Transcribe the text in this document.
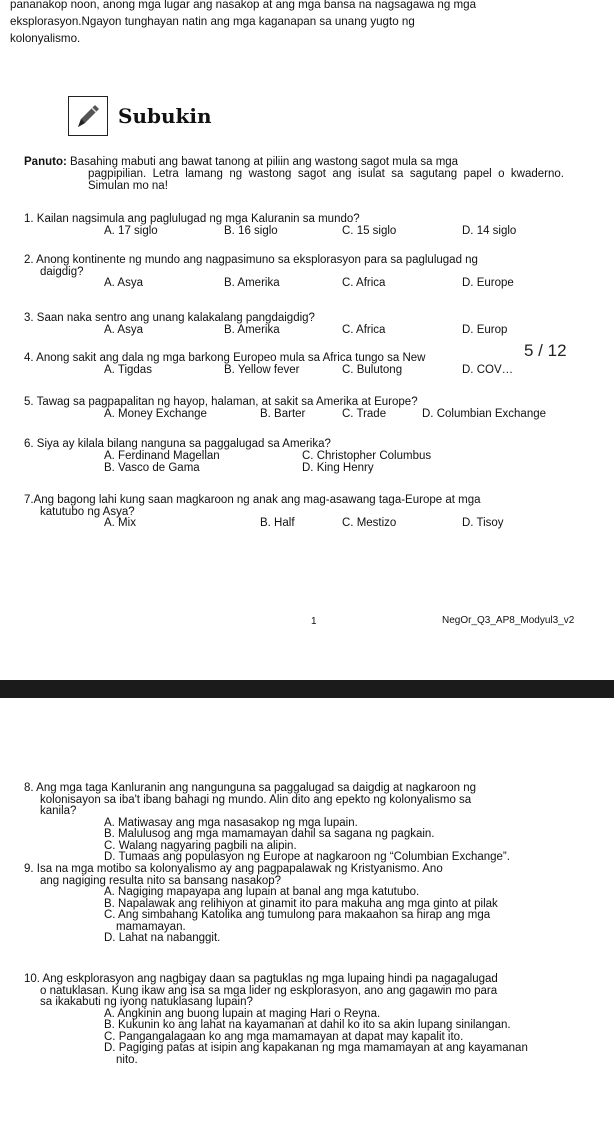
pananakop noon, anong mga lugar ang nasakop at ang mga bansa na nagsagawa ng mga

eksplorasyon.Ngayon tunghayan natin ang mga kaganapan sa unang yugto ng

kolonyalismo.

Subukin
Panuto: Basahing mabuti ang bawat tanong at piliin ang wastong sagot mula sa mga
pagpipilian. Letra lamang ng wastong sagot ang isulat sa sagutang papel o kwaderno. Simulan mo na!
1. Kailan nagsimula ang paglulugad ng mga Kaluranin sa mundo?
A. 17 siglo	B. 16 siglo	C. 15 siglo	D. 14 siglo
2. Anong kontinente ng mundo ang nagpasimuno sa eksplorasyon para sa paglulugad ng
daigdig?
A. Asya	B. Amerika	C. Africa	D. Europe
3. Saan naka sentro ang unang kalakalang pangdaigdig?
A. Asya	B. Amerika	C. Africa	D. Europ
4. Anong sakit ang dala ng mga barkong Europeo mula sa Africa tungo sa New
A. Tigdas	B. Yellow fever	C. Bulutong	D. COV…
5 / 12
5. Tawag sa pagpapalitan ng hayop, halaman, at sakit sa Amerika at Europe?
A. Money Exchange	B. Barter	C. Trade	D. Columbian Exchange
6. Siya ay kilala bilang nanguna sa paggalugad sa Amerika?
A. Ferdinand Magellan	C. Christopher Columbus
B. Vasco de Gama	D. King Henry
7.Ang bagong lahi kung saan magkaroon ng anak ang mag-asawang taga-Europe at mga
katutubo ng Asya?
A. Mix	B. Half	C. Mestizo	D. Tisoy
1	NegOr_Q3_AP8_Modyul3_v2
8. Ang mga taga Kanluranin ang nangunguna sa paggalugad sa daigdig at nagkaroon ng
kolonisayon sa iba't ibang bahagi ng mundo. Alin dito ang epekto ng kolonyalismo sa
kanila?
A. Matiwasay ang mga nasasakop ng mga lupain.
B. Malulusog ang mga mamamayan dahil sa sagana ng pagkain.
C. Walang nagyaring pagbili na alipin.
D. Tumaas ang populasyon ng Europe at nagkaroon ng “Columbian Exchange”.
9. Isa na mga motibo sa kolonyalismo ay ang pagpapalawak ng Kristyanismo. Ano
ang nagiging resulta nito sa bansang nasakop?
A. Nagiging mapayapa ang lupain at banal ang mga katutubo.
B. Napalawak ang relihiyon at ginamit ito para makuha ang mga ginto at pilak
C. Ang simbahang Katolika ang tumulong para makaahon sa hirap ang mga
mamamayan.
D. Lahat na nabanggit.
10. Ang eskplorasyon ang nagbigay daan sa pagtuklas ng mga lupaing hindi pa nagagalugad
o natuklasan. Kung ikaw ang isa sa mga lider ng eskplorasyon, ano ang gagawin mo para
sa ikakabuti ng iyong natuklasang lupain?
A. Angkinin ang buong lupain at maging Hari o Reyna.
B. Kukunin ko ang lahat na kayamanan at dahil ko ito sa akin lupang sinilangan.
C. Pangangalagaan ko ang mga mamamayan at dapat may kapalit ito.
D. Pagiging patas at isipin ang kapakanan ng mga mamamayan at ang kayamanan
nito.
